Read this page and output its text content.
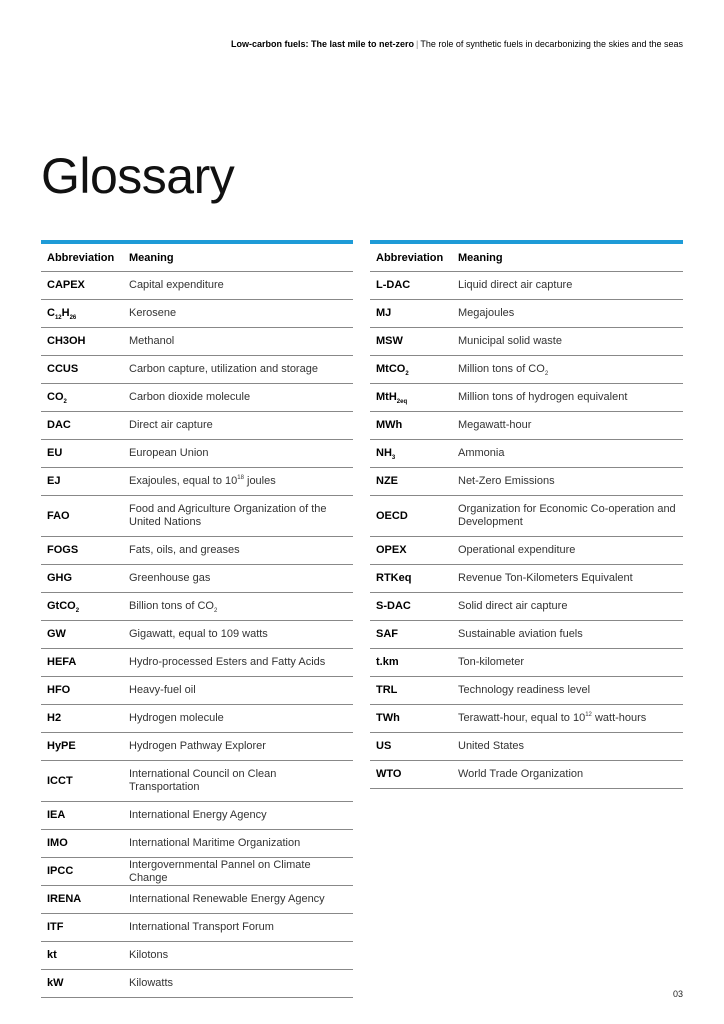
Low-carbon fuels: The last mile to net-zero | The role of synthetic fuels in decarbonizing the skies and the seas
Glossary
Abbreviation	Meaning
CAPEX	Capital expenditure
$C_{12}H_{26}$	Kerosene
CH3OH	Methanol
CCUS	Carbon capture, utilization and storage
$CO_2$	Carbon dioxide molecule
DAC	Direct air capture
EU	European Union
EJ	Exajoules, equal to $10^{18}$ joules
FAO	Food and Agriculture Organization of the United Nations
FOGS	Fats, oils, and greases
GHG	Greenhouse gas
GtCO$_2$	Billion tons of $CO_2$
GW	Gigawatt, equal to 109 watts
HEFA	Hydro-processed Esters and Fatty Acids
HFO	Heavy-fuel oil
H2	Hydrogen molecule
HyPE	Hydrogen Pathway Explorer
ICCT	International Council on Clean Transportation
IEA	International Energy Agency
IMO	International Maritime Organization
IPCC	Intergovernmental Pannel on Climate Change
IRENA	International Renewable Energy Agency
ITF	International Transport Forum
kt	Kilotons
kW	Kilowatts
Abbreviation	Meaning
L-DAC	Liquid direct air capture
MJ	Megajoules
MSW	Municipal solid waste
MtCO$_2$	Million tons of $CO_2$
MtH$_{2eq}$	Million tons of hydrogen equivalent
MWh	Megawatt-hour
$NH_3$	Ammonia
NZE	Net-Zero Emissions
OECD	Organization for Economic Co-operation and Development
OPEX	Operational expenditure
RTKeq	Revenue Ton-Kilometers Equivalent
S-DAC	Solid direct air capture
SAF	Sustainable aviation fuels
t.km	Ton-kilometer
TRL	Technology readiness level
TWh	Terawatt-hour, equal to $10^{12}$ watt-hours
US	United States
WTO	World Trade Organization
03
